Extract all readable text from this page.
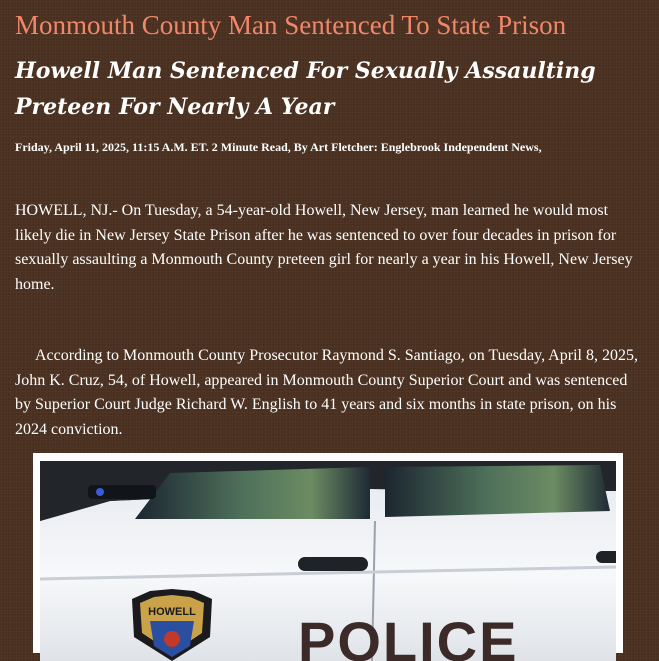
Monmouth County Man Sentenced To State Prison
Howell Man Sentenced For Sexually Assaulting Preteen For Nearly A Year

Friday, April 11, 2025, 11:15 A.M. ET. 2 Minute Read, By Art Fletcher: Englebrook Independent News,

HOWELL, NJ.- On Tuesday, a 54-year-old Howell, New Jersey, man learned he would most likely die in New Jersey State Prison after he was sentenced to over four decades in prison for sexually assaulting a Monmouth County preteen girl for nearly a year in his Howell, New Jersey home.

According to Monmouth County Prosecutor Raymond S. Santiago, on Tuesday, April 8, 2025, John K. Cruz, 54, of Howell, appeared in Monmouth County Superior Court and was sentenced by Superior Court Judge Richard W. English to 41 years and six months in state prison, on his 2024 conviction.

HOWELL POLICE
